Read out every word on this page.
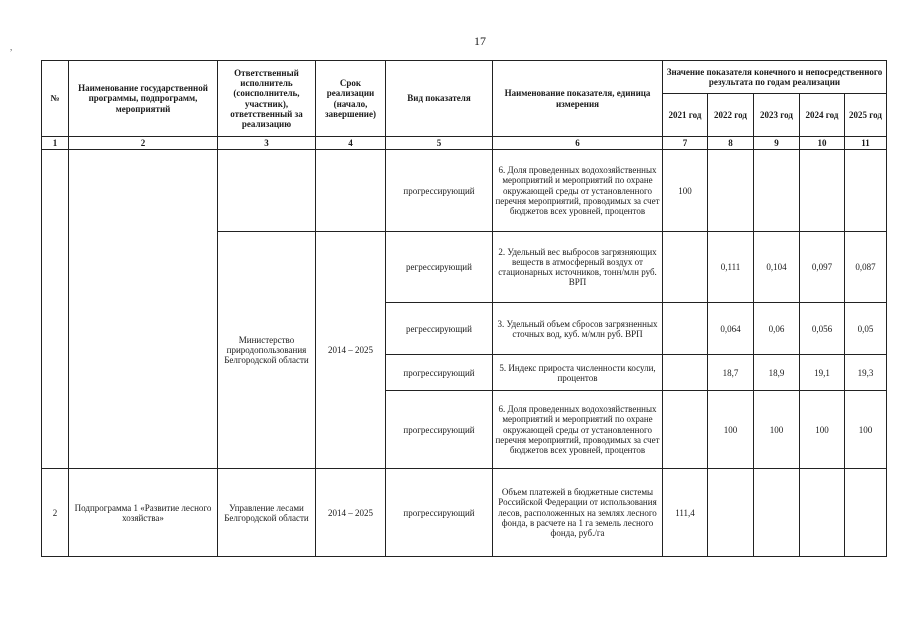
17
,
№	Наименование государственной программы, подпрограмм, мероприятий	Ответственный исполнитель (соисполнитель, участник), ответственный за реализацию	Срок реализации (начало, завершение)	Вид показателя	Наименование показателя, единица измерения	Значение показателя конечного и непосредственного результата по годам реализации				
						2021 год	2022 год	2023 год	2024 год	2025 год
1	2	3	4	5	6	7	8	9	10	11
				прогрессирующий	6. Доля проведенных водохозяйственных мероприятий и мероприятий по охране окружающей среды от установленного перечня мероприятий, проводимых за счет бюджетов всех уровней, процентов	100				
		Министерство природопользования Белгородской области	2014 – 2025	регрессирующий	2. Удельный вес выбросов загрязняющих веществ в атмосферный воздух от стационарных источников, тонн/млн руб. ВРП		0,111	0,104	0,097	0,087
				регрессирующий	3. Удельный объем сбросов загрязненных сточных вод, куб. м/млн руб. ВРП		0,064	0,06	0,056	0,05
				прогрессирующий	5. Индекс прироста численности косули, процентов		18,7	18,9	19,1	19,3
				прогрессирующий	6. Доля проведенных водохозяйственных мероприятий и мероприятий по охране окружающей среды от установленного перечня мероприятий, проводимых за счет бюджетов всех уровней, процентов		100	100	100	100
2	Подпрограмма 1 «Развитие лесного хозяйства»	Управление лесами Белгородской области	2014 – 2025	прогрессирующий	Объем платежей в бюджетные системы Российской Федерации от использования лесов, расположенных на землях лесного фонда, в расчете на 1 га земель лесного фонда, руб./га	111,4				
